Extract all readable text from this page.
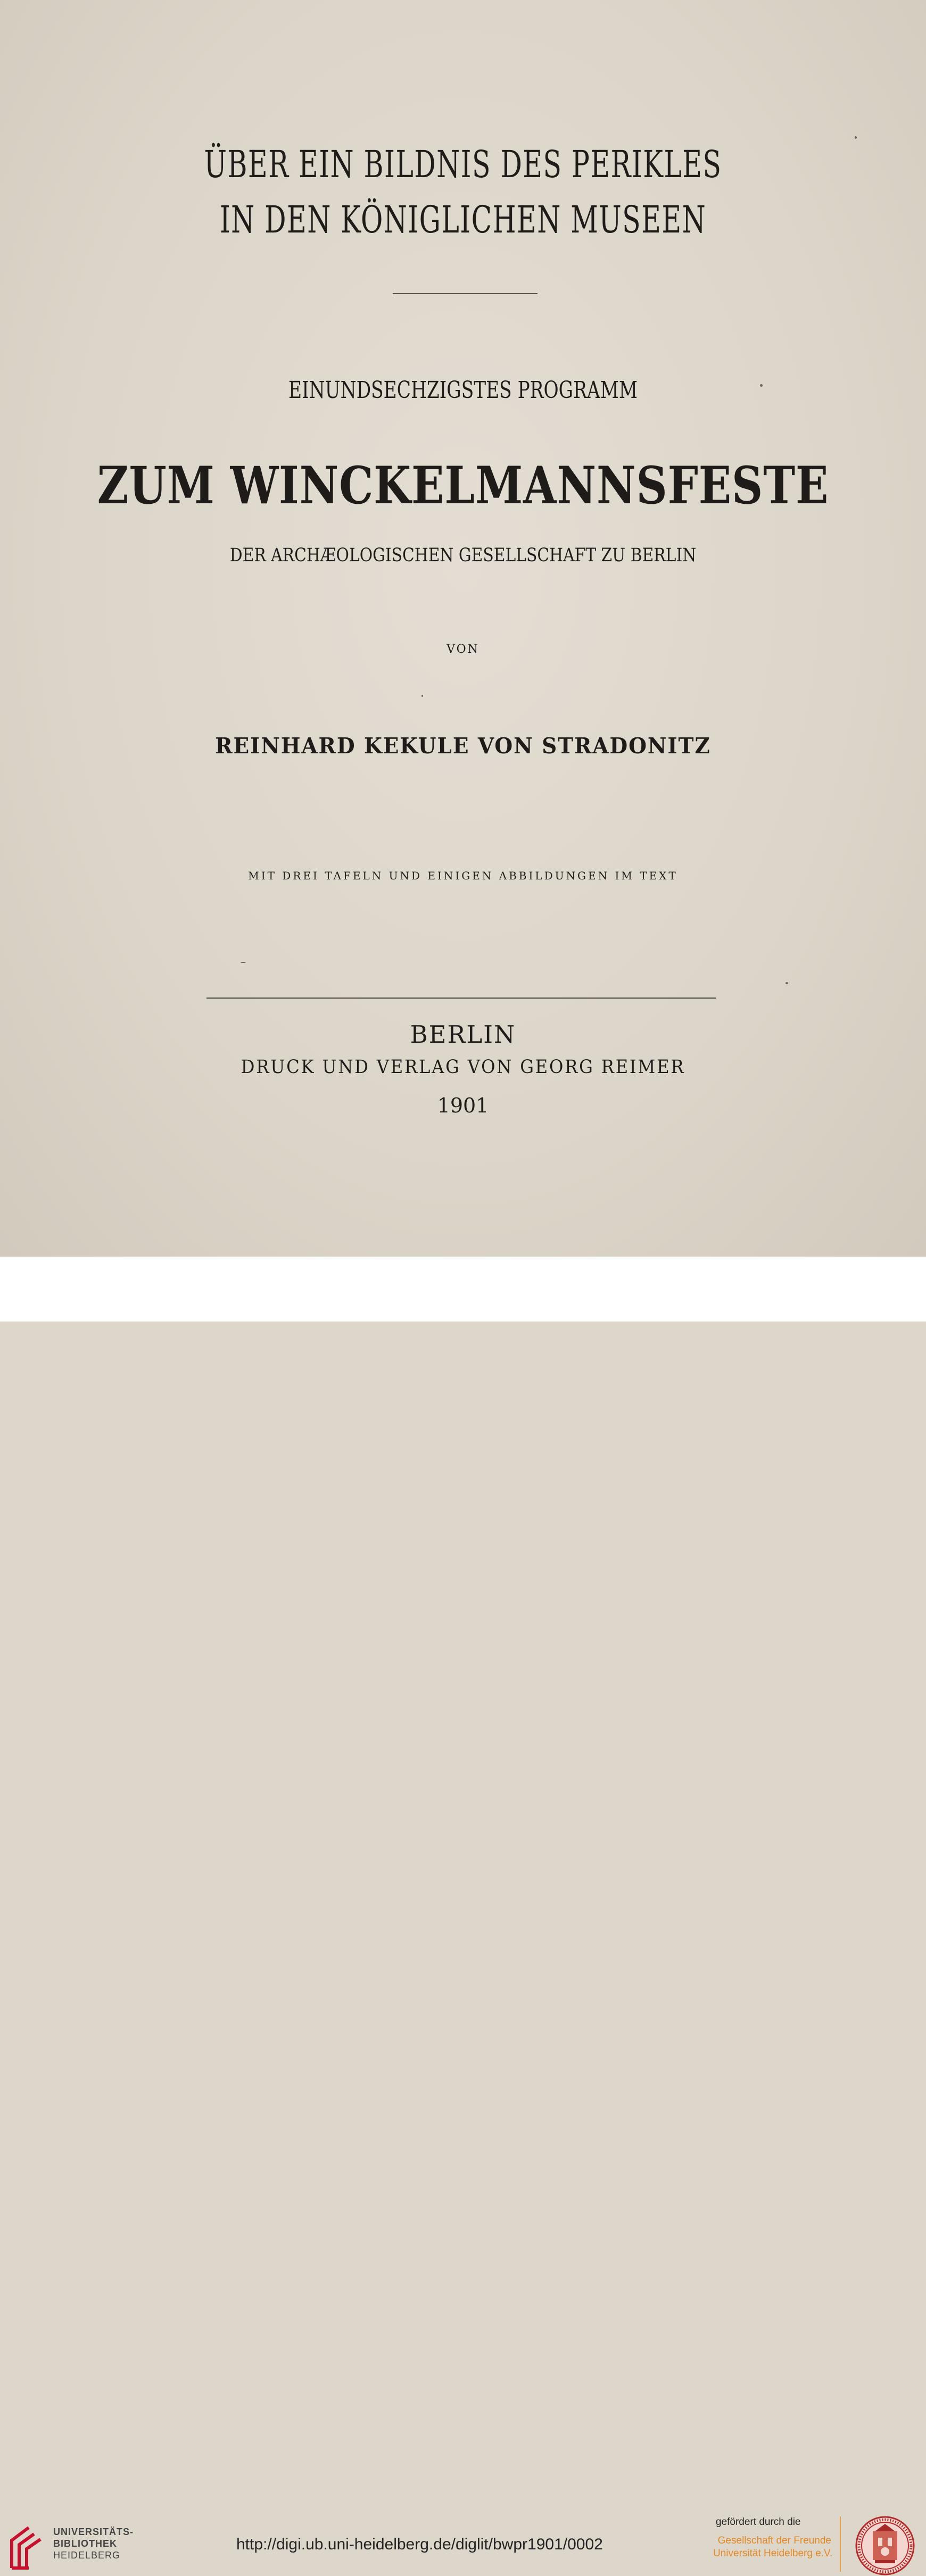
ÜBER EIN BILDNIS DES PERIKLES
IN DEN KÖNIGLICHEN MUSEEN
EINUNDSECHZIGSTES PROGRAMM
ZUM WINCKELMANNSFESTE
DER ARCHÆOLOGISCHEN GESELLSCHAFT ZU BERLIN
VON
REINHARD KEKULE VON STRADONITZ
MIT DREI TAFELN UND EINIGEN ABBILDUNGEN IM TEXT
BERLIN
DRUCK UND VERLAG VON GEORG REIMER
1901
UNIVERSITÄTS-
BIBLIOTHEK
HEIDELBERG
http://digi.ub.uni-heidelberg.de/diglit/bwpr1901/0002
gefördert durch die
Gesellschaft der Freunde
Universität Heidelberg e.V.
